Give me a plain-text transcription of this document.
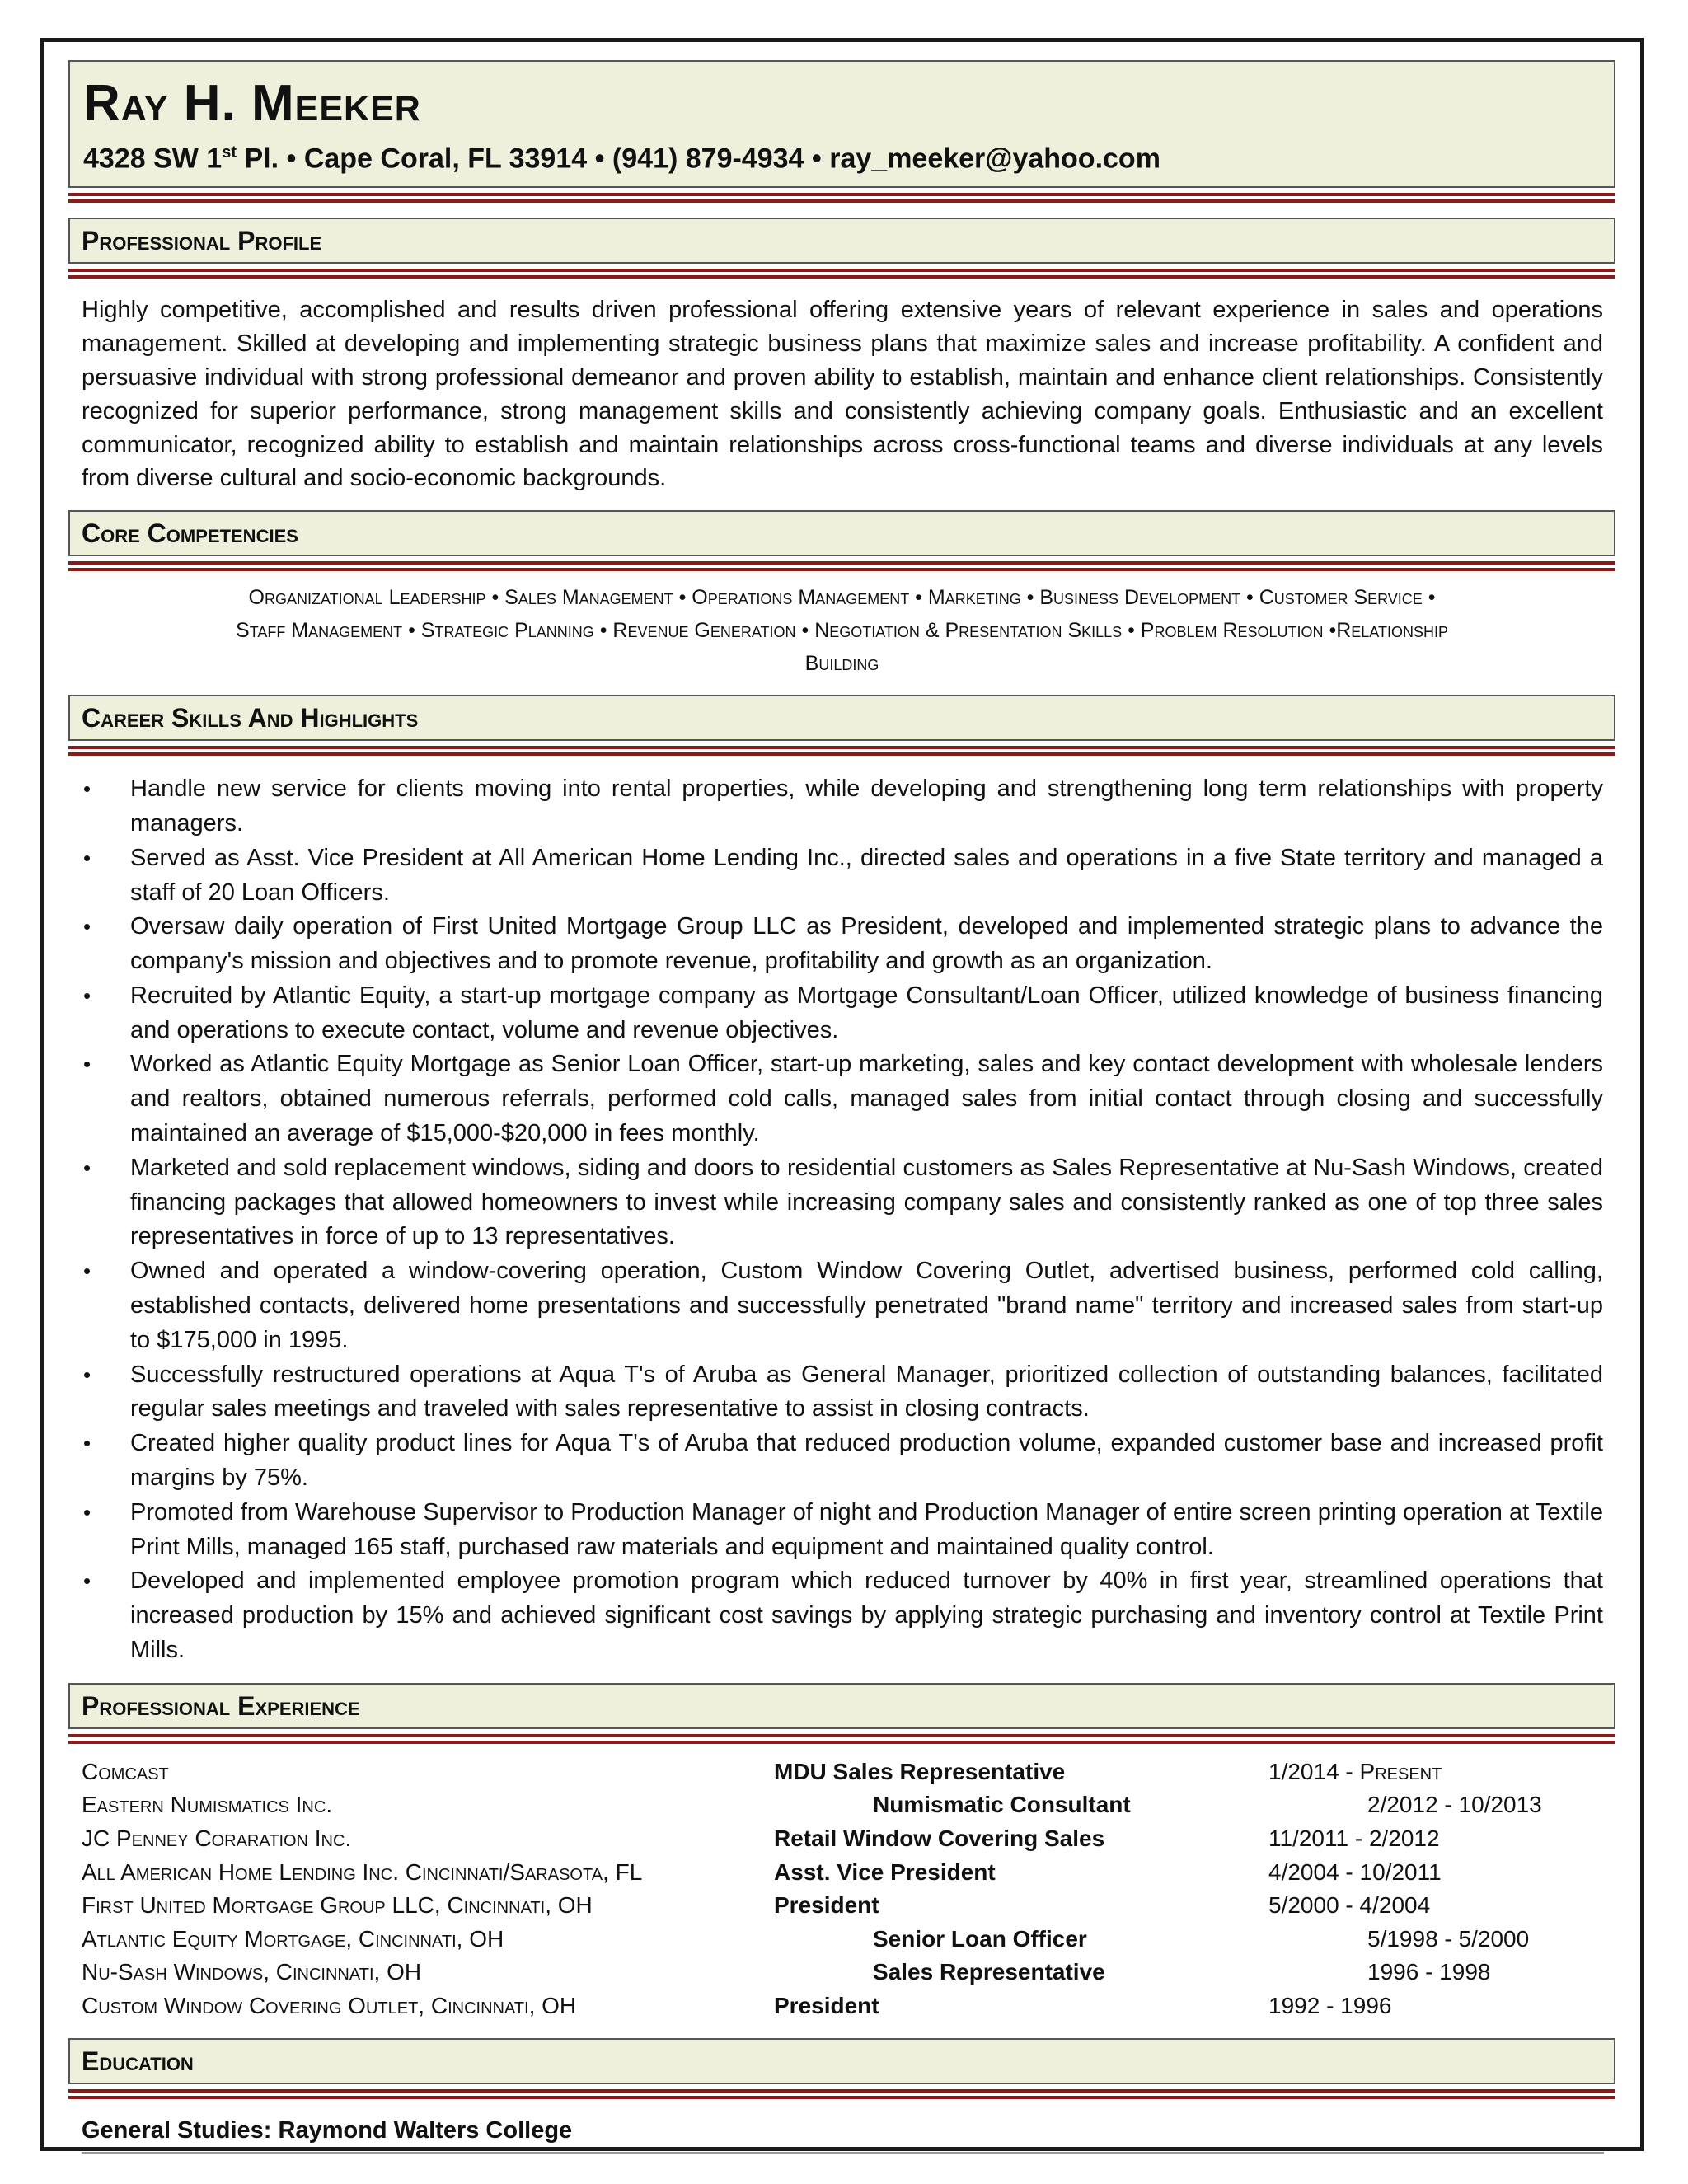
Ray H. Meeker
4328 SW 1st Pl. • Cape Coral, FL 33914 • (941) 879-4934 • ray_meeker@yahoo.com
Professional Profile
Highly competitive, accomplished and results driven professional offering extensive years of relevant experience in sales and operations management. Skilled at developing and implementing strategic business plans that maximize sales and increase profitability. A confident and persuasive individual with strong professional demeanor and proven ability to establish, maintain and enhance client relationships. Consistently recognized for superior performance, strong management skills and consistently achieving company goals. Enthusiastic and an excellent communicator, recognized ability to establish and maintain relationships across cross-functional teams and diverse individuals at any levels from diverse cultural and socio-economic backgrounds.
Core Competencies
Organizational Leadership • Sales Management • Operations Management • Marketing • Business Development • Customer Service •
Staff Management • Strategic Planning • Revenue Generation • Negotiation & Presentation Skills • Problem Resolution •Relationship
Building
Career Skills And Highlights
• Handle new service for clients moving into rental properties, while developing and strengthening long term relationships with property managers.
• Served as Asst. Vice President at All American Home Lending Inc., directed sales and operations in a five State territory and managed a staff of 20 Loan Officers.
• Oversaw daily operation of First United Mortgage Group LLC as President, developed and implemented strategic plans to advance the company's mission and objectives and to promote revenue, profitability and growth as an organization.
• Recruited by Atlantic Equity, a start-up mortgage company as Mortgage Consultant/Loan Officer, utilized knowledge of business financing and operations to execute contact, volume and revenue objectives.
• Worked as Atlantic Equity Mortgage as Senior Loan Officer, start-up marketing, sales and key contact development with wholesale lenders and realtors, obtained numerous referrals, performed cold calls, managed sales from initial contact through closing and successfully maintained an average of $15,000-$20,000 in fees monthly.
• Marketed and sold replacement windows, siding and doors to residential customers as Sales Representative at Nu-Sash Windows, created financing packages that allowed homeowners to invest while increasing company sales and consistently ranked as one of top three sales representatives in force of up to 13 representatives.
• Owned and operated a window-covering operation, Custom Window Covering Outlet, advertised business, performed cold calling, established contacts, delivered home presentations and successfully penetrated "brand name" territory and increased sales from start-up to $175,000 in 1995.
• Successfully restructured operations at Aqua T's of Aruba as General Manager, prioritized collection of outstanding balances, facilitated regular sales meetings and traveled with sales representative to assist in closing contracts.
• Created higher quality product lines for Aqua T's of Aruba that reduced production volume, expanded customer base and increased profit margins by 75%.
• Promoted from Warehouse Supervisor to Production Manager of night and Production Manager of entire screen printing operation at Textile Print Mills, managed 165 staff, purchased raw materials and equipment and maintained quality control.
• Developed and implemented employee promotion program which reduced turnover by 40% in first year, streamlined operations that increased production by 15% and achieved significant cost savings by applying strategic purchasing and inventory control at Textile Print Mills.
Professional Experience
Comcast	MDU Sales Representative	1/2014 - Present
Eastern Numismatics Inc.	Numismatic Consultant	2/2012 - 10/2013
JC Penney Coraration Inc.	Retail Window Covering Sales	11/2011 - 2/2012
All American Home Lending Inc. Cincinnati/Sarasota, FL	Asst. Vice President	4/2004 - 10/2011
First United Mortgage Group LLC, Cincinnati, OH	President	5/2000 - 4/2004
Atlantic Equity Mortgage, Cincinnati, OH	Senior Loan Officer	5/1998 - 5/2000
Nu-Sash Windows, Cincinnati, OH	Sales Representative	1996 - 1998
Custom Window Covering Outlet, Cincinnati, OH	President	1992 - 1996
Education
General Studies: Raymond Walters College
